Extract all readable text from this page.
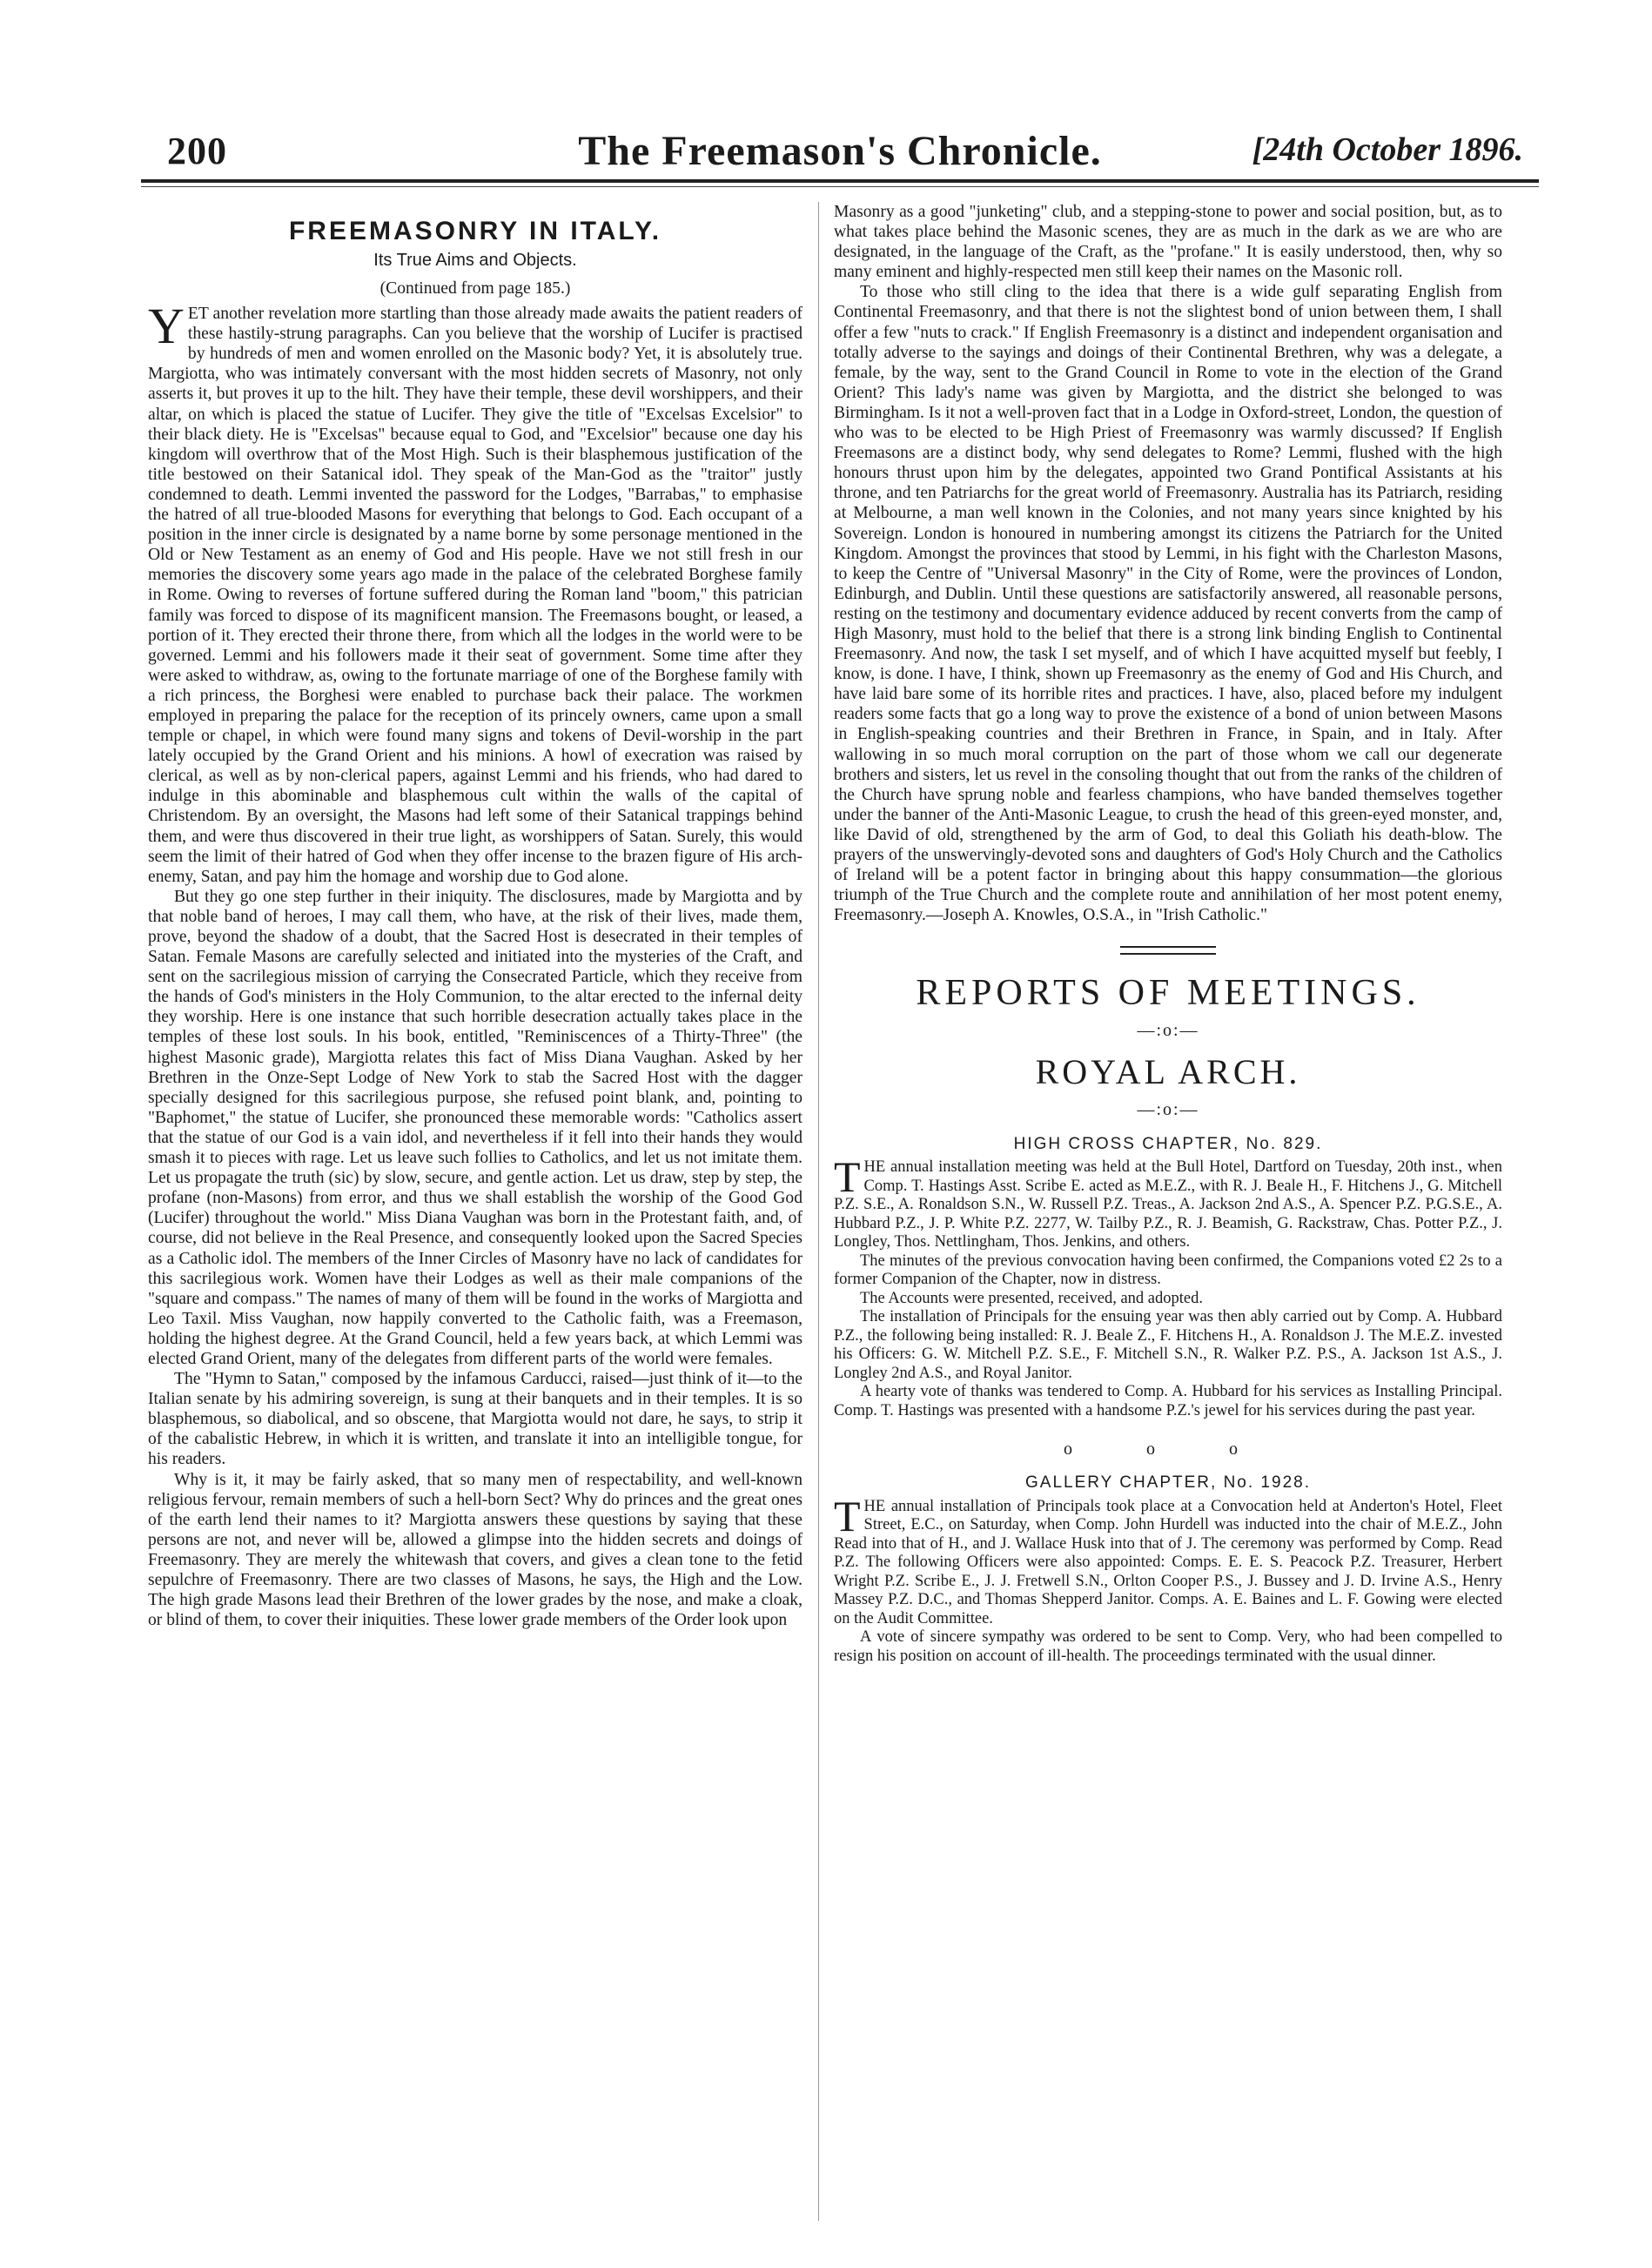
200	The Freemason's Chronicle.	[24th October 1896.
FREEMASONRY IN ITALY.
Its True Aims and Objects.
(Continued from page 185.)

YET another revelation more startling than those already made awaits the patient readers of these hastily-strung paragraphs. Can you believe that the worship of Lucifer is practised by hundreds of men and women enrolled on the Masonic body? Yet, it is absolutely true. Margiotta, who was intimately conversant with the most hidden secrets of Masonry, not only asserts it, but proves it up to the hilt. They have their temple, these devil worshippers, and their altar, on which is placed the statue of Lucifer. They give the title of "Excelsas Excelsior" to their black diety. He is "Excelsas" because equal to God, and "Excelsior" because one day his kingdom will overthrow that of the Most High. Such is their blasphemous justification of the title bestowed on their Satanical idol. They speak of the Man-God as the "traitor" justly condemned to death. Lemmi invented the password for the Lodges, "Barrabas," to emphasise the hatred of all true-blooded Masons for everything that belongs to God. Each occupant of a position in the inner circle is designated by a name borne by some personage mentioned in the Old or New Testament as an enemy of God and His people. Have we not still fresh in our memories the discovery some years ago made in the palace of the celebrated Borghese family in Rome. Owing to reverses of fortune suffered during the Roman land "boom," this patrician family was forced to dispose of its magnificent mansion. The Freemasons bought, or leased, a portion of it. They erected their throne there, from which all the lodges in the world were to be governed. Lemmi and his followers made it their seat of government. Some time after they were asked to withdraw, as, owing to the fortunate marriage of one of the Borghese family with a rich princess, the Borghesi were enabled to purchase back their palace. The workmen employed in preparing the palace for the reception of its princely owners, came upon a small temple or chapel, in which were found many signs and tokens of Devil-worship in the part lately occupied by the Grand Orient and his minions. A howl of execration was raised by clerical, as well as by non-clerical papers, against Lemmi and his friends, who had dared to indulge in this abominable and blasphemous cult within the walls of the capital of Christendom. By an oversight, the Masons had left some of their Satanical trappings behind them, and were thus discovered in their true light, as worshippers of Satan. Surely, this would seem the limit of their hatred of God when they offer incense to the brazen figure of His arch-enemy, Satan, and pay him the homage and worship due to God alone.

But they go one step further in their iniquity. The disclosures, made by Margiotta and by that noble band of heroes, I may call them, who have, at the risk of their lives, made them, prove, beyond the shadow of a doubt, that the Sacred Host is desecrated in their temples of Satan. Female Masons are carefully selected and initiated into the mysteries of the Craft, and sent on the sacrilegious mission of carrying the Consecrated Particle, which they receive from the hands of God's ministers in the Holy Communion, to the altar erected to the infernal deity they worship. Here is one instance that such horrible desecration actually takes place in the temples of these lost souls. In his book, entitled, "Reminiscences of a Thirty-Three" (the highest Masonic grade), Margiotta relates this fact of Miss Diana Vaughan. Asked by her Brethren in the Onze-Sept Lodge of New York to stab the Sacred Host with the dagger specially designed for this sacrilegious purpose, she refused point blank, and, pointing to "Baphomet," the statue of Lucifer, she pronounced these memorable words: "Catholics assert that the statue of our God is a vain idol, and nevertheless if it fell into their hands they would smash it to pieces with rage. Let us leave such follies to Catholics, and let us not imitate them. Let us propagate the truth (sic) by slow, secure, and gentle action. Let us draw, step by step, the profane (non-Masons) from error, and thus we shall establish the worship of the Good God (Lucifer) throughout the world." Miss Diana Vaughan was born in the Protestant faith, and, of course, did not believe in the Real Presence, and consequently looked upon the Sacred Species as a Catholic idol. The members of the Inner Circles of Masonry have no lack of candidates for this sacrilegious work. Women have their Lodges as well as their male companions of the "square and compass." The names of many of them will be found in the works of Margiotta and Leo Taxil. Miss Vaughan, now happily converted to the Catholic faith, was a Freemason, holding the highest degree. At the Grand Council, held a few years back, at which Lemmi was elected Grand Orient, many of the delegates from different parts of the world were females.

The "Hymn to Satan," composed by the infamous Carducci, raised—just think of it—to the Italian senate by his admiring sovereign, is sung at their banquets and in their temples. It is so blasphemous, so diabolical, and so obscene, that Margiotta would not dare, he says, to strip it of the cabalistic Hebrew, in which it is written, and translate it into an intelligible tongue, for his readers.

Why is it, it may be fairly asked, that so many men of respectability, and well-known religious fervour, remain members of such a hell-born Sect? Why do princes and the great ones of the earth lend their names to it? Margiotta answers these questions by saying that these persons are not, and never will be, allowed a glimpse into the hidden secrets and doings of Freemasonry. They are merely the whitewash that covers, and gives a clean tone to the fetid sepulchre of Freemasonry. There are two classes of Masons, he says, the High and the Low. The high grade Masons lead their Brethren of the lower grades by the nose, and make a cloak, or blind of them, to cover their iniquities. These lower grade members of the Order look upon

Masonry as a good "junketing" club, and a stepping-stone to power and social position, but, as to what takes place behind the Masonic scenes, they are as much in the dark as we are who are designated, in the language of the Craft, as the "profane." It is easily understood, then, why so many eminent and highly-respected men still keep their names on the Masonic roll.

To those who still cling to the idea that there is a wide gulf separating English from Continental Freemasonry, and that there is not the slightest bond of union between them, I shall offer a few "nuts to crack." If English Freemasonry is a distinct and independent organisation and totally adverse to the sayings and doings of their Continental Brethren, why was a delegate, a female, by the way, sent to the Grand Council in Rome to vote in the election of the Grand Orient? This lady's name was given by Margiotta, and the district she belonged to was Birmingham. Is it not a well-proven fact that in a Lodge in Oxford-street, London, the question of who was to be elected to be High Priest of Freemasonry was warmly discussed? If English Freemasons are a distinct body, why send delegates to Rome? Lemmi, flushed with the high honours thrust upon him by the delegates, appointed two Grand Pontifical Assistants at his throne, and ten Patriarchs for the great world of Freemasonry. Australia has its Patriarch, residing at Melbourne, a man well known in the Colonies, and not many years since knighted by his Sovereign. London is honoured in numbering amongst its citizens the Patriarch for the United Kingdom. Amongst the provinces that stood by Lemmi, in his fight with the Charleston Masons, to keep the Centre of "Universal Masonry" in the City of Rome, were the provinces of London, Edinburgh, and Dublin. Until these questions are satisfactorily answered, all reasonable persons, resting on the testimony and documentary evidence adduced by recent converts from the camp of High Masonry, must hold to the belief that there is a strong link binding English to Continental Freemasonry. And now, the task I set myself, and of which I have acquitted myself but feebly, I know, is done. I have, I think, shown up Freemasonry as the enemy of God and His Church, and have laid bare some of its horrible rites and practices. I have, also, placed before my indulgent readers some facts that go a long way to prove the existence of a bond of union between Masons in English-speaking countries and their Brethren in France, in Spain, and in Italy. After wallowing in so much moral corruption on the part of those whom we call our degenerate brothers and sisters, let us revel in the consoling thought that out from the ranks of the children of the Church have sprung noble and fearless champions, who have banded themselves together under the banner of the Anti-Masonic League, to crush the head of this green-eyed monster, and, like David of old, strengthened by the arm of God, to deal this Goliath his death-blow. The prayers of the unswervingly-devoted sons and daughters of God's Holy Church and the Catholics of Ireland will be a potent factor in bringing about this happy consummation—the glorious triumph of the True Church and the complete route and annihilation of her most potent enemy, Freemasonry.—Joseph A. Knowles, O.S.A., in "Irish Catholic."

REPORTS OF MEETINGS.
—:o:—
ROYAL ARCH.
—:o:—
HIGH CROSS CHAPTER, No. 829.

THE annual installation meeting was held at the Bull Hotel, Dartford on Tuesday, 20th inst., when Comp. T. Hastings Asst. Scribe E. acted as M.E.Z., with R. J. Beale H., F. Hitchens J., G. Mitchell P.Z. S.E., A. Ronaldson S.N., W. Russell P.Z. Treas., A. Jackson 2nd A.S., A. Spencer P.Z. P.G.S.E., A. Hubbard P.Z., J. P. White P.Z. 2277, W. Tailby P.Z., R. J. Beamish, G. Rackstraw, Chas. Potter P.Z., J. Longley, Thos. Nettlingham, Thos. Jenkins, and others.

The minutes of the previous convocation having been confirmed, the Companions voted £2 2s to a former Companion of the Chapter, now in distress.

The Accounts were presented, received, and adopted.

The installation of Principals for the ensuing year was then ably carried out by Comp. A. Hubbard P.Z., the following being installed: R. J. Beale Z., F. Hitchens H., A. Ronaldson J. The M.E.Z. invested his Officers: G. W. Mitchell P.Z. S.E., F. Mitchell S.N., R. Walker P.Z. P.S., A. Jackson 1st A.S., J. Longley 2nd A.S., and Royal Janitor.

A hearty vote of thanks was tendered to Comp. A. Hubbard for his services as Installing Principal. Comp. T. Hastings was presented with a handsome P.Z.'s jewel for his services during the past year.

o o o
GALLERY CHAPTER, No. 1928.

THE annual installation of Principals took place at a Convocation held at Anderton's Hotel, Fleet Street, E.C., on Saturday, when Comp. John Hurdell was inducted into the chair of M.E.Z., John Read into that of H., and J. Wallace Husk into that of J. The ceremony was performed by Comp. Read P.Z. The following Officers were also appointed: Comps. E. E. S. Peacock P.Z. Treasurer, Herbert Wright P.Z. Scribe E., J. J. Fretwell S.N., Orlton Cooper P.S., J. Bussey and J. D. Irvine A.S., Henry Massey P.Z. D.C., and Thomas Shepperd Janitor. Comps. A. E. Baines and L. F. Gowing were elected on the Audit Committee.

A vote of sincere sympathy was ordered to be sent to Comp. Very, who had been compelled to resign his position on account of ill-health. The proceedings terminated with the usual dinner.
